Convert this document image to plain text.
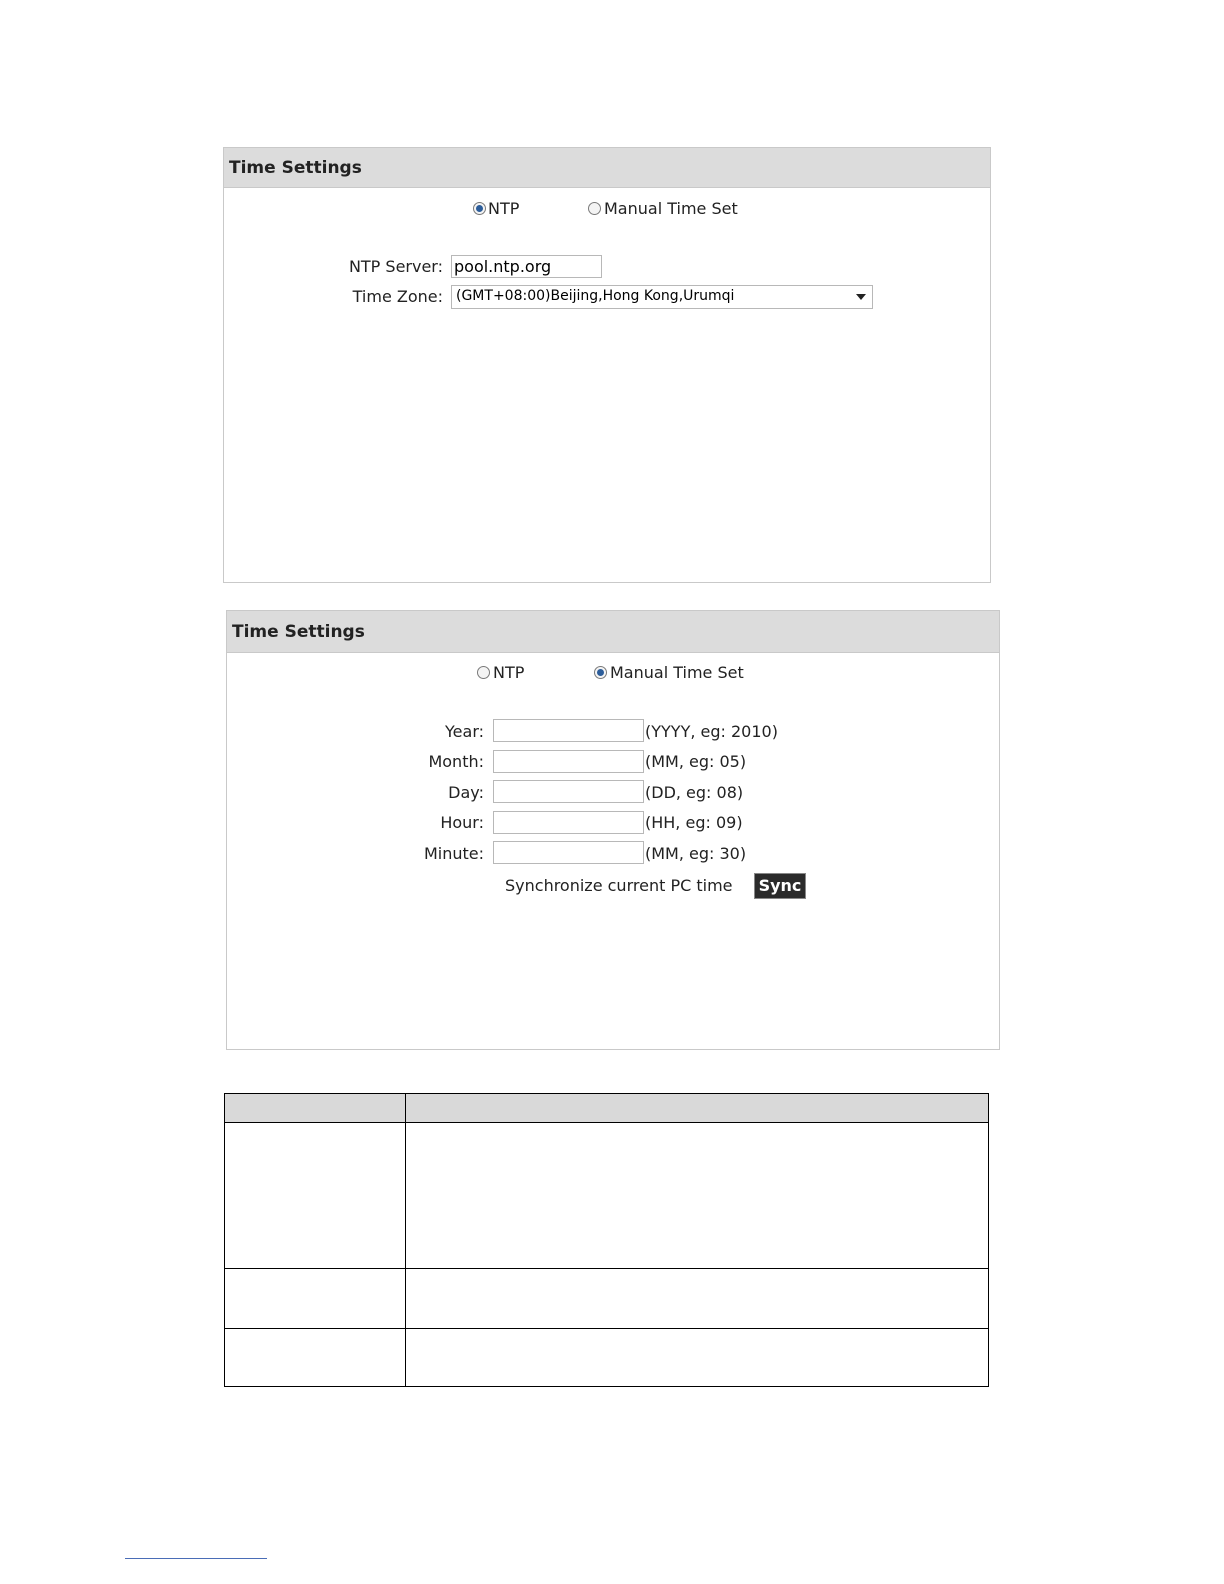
Time Settings
NTP	Manual Time Set
NTP Server:
pool.ntp.org
Time Zone: (GMT+08:00)Beijing,Hong Kong,Urumqi
Time Settings
NTP	Manual Time Set
Year:	(YYYY, eg: 2010)
Month:	(MM, eg: 05)
Day:	(DD, eg: 08)
Hour:	(HH, eg: 09)
Minute:	(MM, eg: 30)
Synchronize current PC time Sync
